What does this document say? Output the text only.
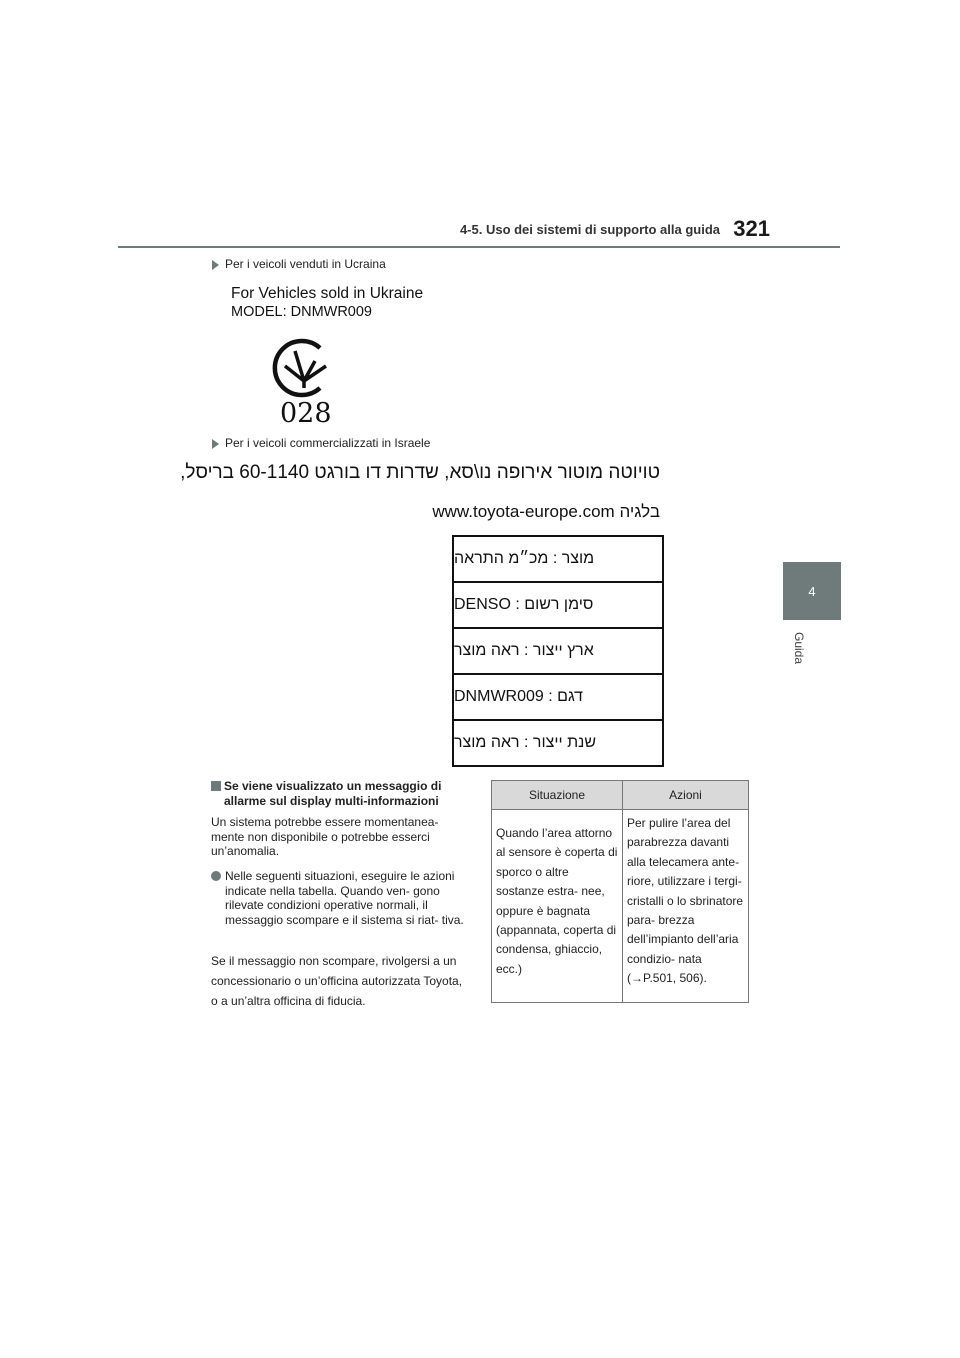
4-5. Uso dei sistemi di supporto alla guida 321
4
Guida
Per i veicoli venduti in Ucraina
For Vehicles sold in Ukraine
MODEL: DNMWR009
028
Per i veicoli commercializzati in Israele
טויוטה מוטור אירופה נו\סא, שדרות דו בורגט 60-1140 בריסל,
בלגיה www.toyota-europe.com
מוצר : מכ״מ התראה
סימן רשום : DENSO
ארץ ייצור : ראה מוצר
דגם : DNMWR009
שנת ייצור : ראה מוצר
Se viene visualizzato un messaggio di allarme sul display multi-informazioni
Un sistema potrebbe essere momentanea- mente non disponibile o potrebbe esserci un’anomalia.
Nelle seguenti situazioni, eseguire le azioni indicate nella tabella. Quando ven- gono rilevate condizioni operative normali, il messaggio scompare e il sistema si riat- tiva.
Se il messaggio non scompare, rivolgersi a un concessionario o un’officina autorizzata Toyota, o a un’altra officina di fiducia.
Situazione	Azioni
Quando l’area attorno al sensore è coperta di sporco o altre sostanze estra- nee, oppure è bagnata (appannata, coperta di condensa, ghiaccio, ecc.)	Per pulire l’area del parabrezza davanti alla telecamera ante- riore, utilizzare i tergi- cristalli o lo sbrinatore para- brezza dell’impianto dell’aria condizio- nata (→P.501, 506).
